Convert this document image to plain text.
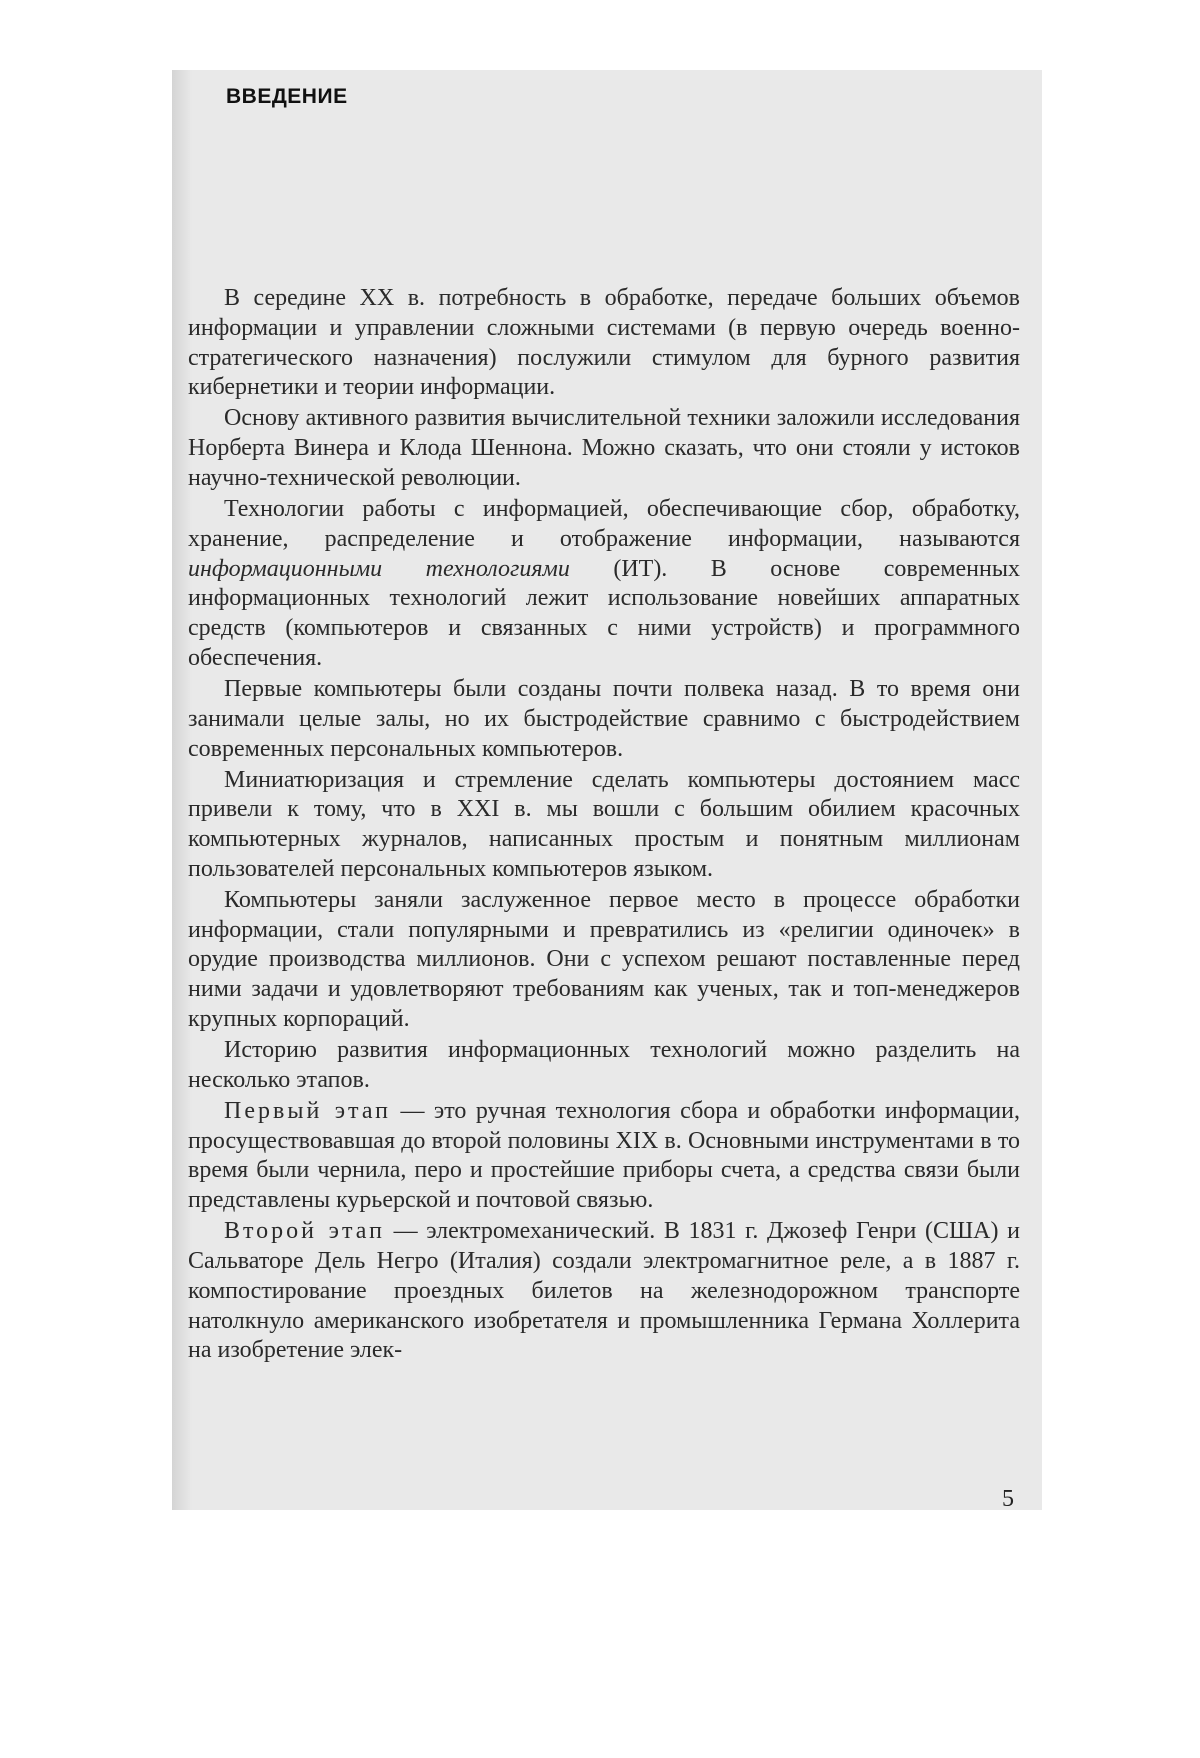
ВВЕДЕНИЕ

В середине XX в. потребность в обработке, передаче больших объемов информации и управлении сложными системами (в первую очередь военно-стратегического назначения) послужили стимулом для бурного развития кибернетики и теории информации.

Основу активного развития вычислительной техники заложили исследования Норберта Винера и Клода Шеннона. Можно сказать, что они стояли у истоков научно-технической революции.

Технологии работы с информацией, обеспечивающие сбор, обработку, хранение, распределение и отображение информации, называются информационными технологиями (ИТ). В основе современных информационных технологий лежит использование новейших аппаратных средств (компьютеров и связанных с ними устройств) и программного обеспечения.

Первые компьютеры были созданы почти полвека назад. В то время они занимали целые залы, но их быстродействие сравнимо с быстродействием современных персональных компьютеров.

Миниатюризация и стремление сделать компьютеры достоянием масс привели к тому, что в XXI в. мы вошли с большим обилием красочных компьютерных журналов, написанных простым и понятным миллионам пользователей персональных компьютеров языком.

Компьютеры заняли заслуженное первое место в процессе обработки информации, стали популярными и превратились из «религии одиночек» в орудие производства миллионов. Они с успехом решают поставленные перед ними задачи и удовлетворяют требованиям как ученых, так и топ-менеджеров крупных корпораций.

Историю развития информационных технологий можно разделить на несколько этапов.

Первый этап — это ручная технология сбора и обработки информации, просуществовавшая до второй половины XIX в. Основными инструментами в то время были чернила, перо и простейшие приборы счета, а средства связи были представлены курьерской и почтовой связью.

Второй этап — электромеханический. В 1831 г. Джозеф Генри (США) и Сальваторе Дель Негро (Италия) создали электромагнитное реле, а в 1887 г. компостирование проездных билетов на железнодорожном транспорте натолкнуло американского изобретателя и промышленника Германа Холлерита на изобретение элек-

5
